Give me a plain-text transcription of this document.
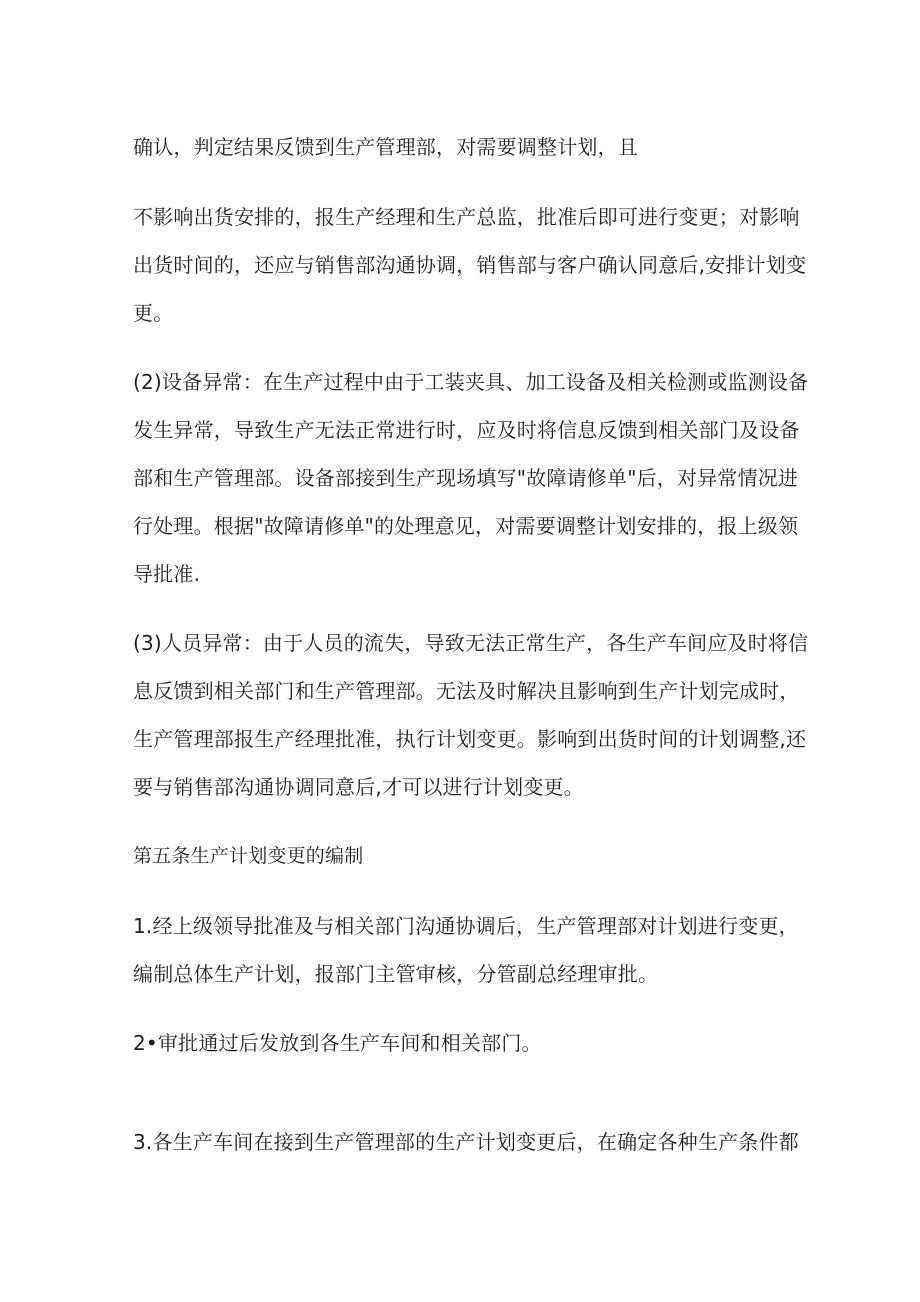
确认，判定结果反馈到生产管理部，对需要调整计划，且
不影响出货安排的，报生产经理和生产总监，批准后即可进行变更；对影响
出货时间的，还应与销售部沟通协调，销售部与客户确认同意后,安排计划变
更。
(2)设备异常：在生产过程中由于工装夹具、加工设备及相关检测或监测设备
发生异常，导致生产无法正常进行时，应及时将信息反馈到相关部门及设备
部和生产管理部。设备部接到生产现场填写"故障请修单"后，对异常情况进
行处理。根据"故障请修单"的处理意见，对需要调整计划安排的，报上级领
导批准.
(3)人员异常：由于人员的流失，导致无法正常生产，各生产车间应及时将信
息反馈到相关部门和生产管理部。无法及时解决且影响到生产计划完成时，
生产管理部报生产经理批准，执行计划变更。影响到出货时间的计划调整,还
要与销售部沟通协调同意后,才可以进行计划变更。
第五条生产计划变更的编制
1.经上级领导批准及与相关部门沟通协调后，生产管理部对计划进行变更，
编制总体生产计划，报部门主管审核，分管副总经理审批。
2•审批通过后发放到各生产车间和相关部门。
3.各生产车间在接到生产管理部的生产计划变更后，在确定各种生产条件都
